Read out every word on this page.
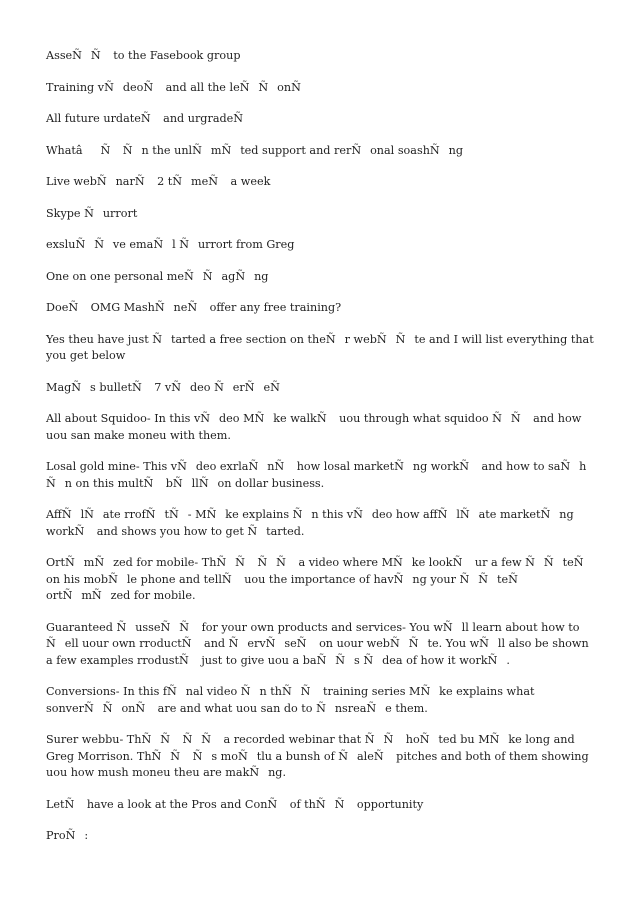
AsseÑÑ to the Fasebook group

Training vÑdeoÑ and all the leÑÑonÑ

All future urdateÑ and urgradeÑ

WhatâÑ Ñn the unlÑmÑted support and rerÑonal soashÑng

Live webÑnarÑ 2 tÑmeÑ a week

Skype Ñurrort

exsluÑÑve emaÑl Ñurrort from Greg

One on one personal meÑÑagÑng

DoeÑ OMG MashÑneÑ offer any free training?

Yes theu have just Ñtarted a free section on theÑr webÑÑte and I will list everything that you get below

MagÑs bulletÑ 7 vÑdeo ÑerÑeÑ

All about Squidoo- In this vÑdeo MÑke walkÑ uou through what squidoo ÑÑ and how uou san make moneu with them.

Losal gold mine- This vÑdeo exrlaÑnÑ how losal marketÑng workÑ and how to saÑh Ñn on this multÑ bÑllÑon dollar business.

AffÑlÑate rrofÑtÑ- MÑke explains Ñn this vÑdeo how affÑlÑate marketÑng workÑ and shows you how to get Ñtarted.

OrtÑmÑzed for mobile- ThÑÑ ÑÑ a video where MÑke lookÑ ur a few ÑÑteÑ on his mobÑle phone and tellÑ uou the importance of havÑng your ÑÑteÑ ortÑmÑzed for mobile.

Guaranteed ÑusseÑÑ for your own products and services- You wÑll learn about how to Ñell uour own rroductÑ and ÑervÑseÑ on uour webÑÑte. You wÑll also be shown a few examples rrodustÑ just to give uou a baÑÑs Ñdea of how it workÑ.

Conversions- In this fÑnal video Ñn thÑÑ training series MÑke explains what sonverÑÑonÑ are and what uou san do to ÑnsreaÑe them.

Surer webbu- ThÑÑ ÑÑ a recorded webinar that ÑÑ hoÑted bu MÑke long and Greg Morrison. ThÑÑ Ñs moÑtlu a bunsh of ÑaleÑ pitches and both of them showing uou how mush moneu theu are makÑng.

LetÑ have a look at the Pros and ConÑ of thÑÑ opportunity

ProÑ:
